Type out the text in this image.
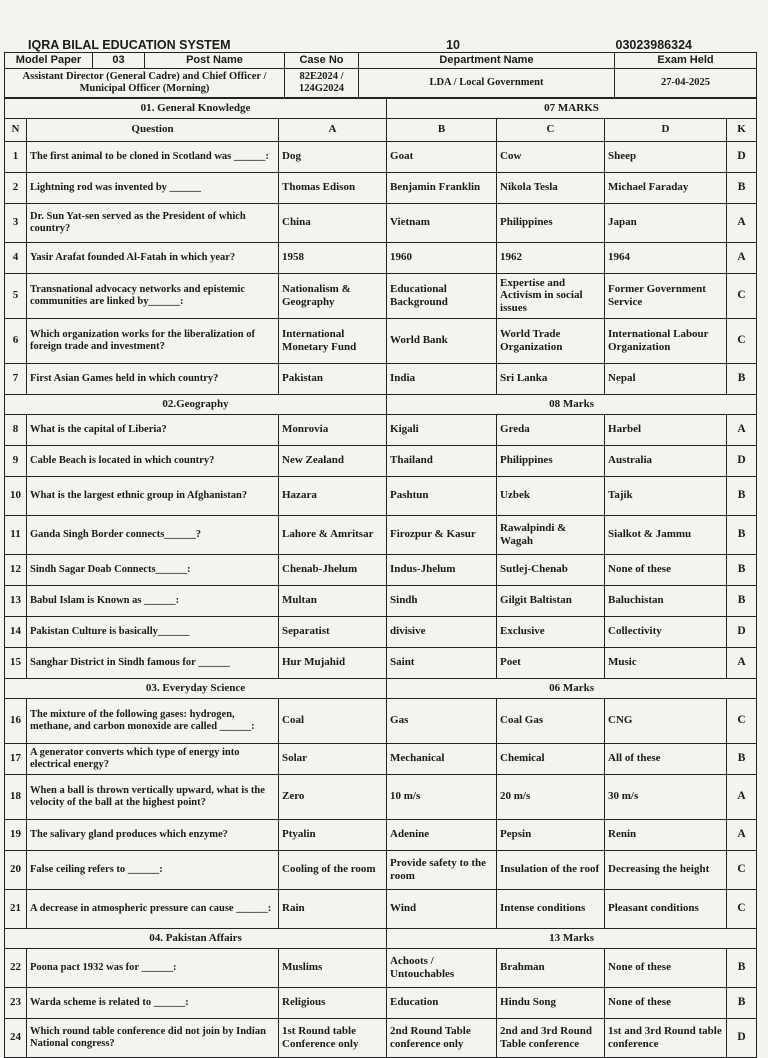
IQRA BILAL EDUCATION SYSTEM	10	03023986324
Model Paper	03	Post Name	Case No	Department Name	Exam Held
Assistant Director (General Cadre) and Chief Officer / Municipal Officer (Morning)			82E2024 / 124G2024	LDA / Local Government	27-04-2025
01. General Knowledge			07 MARKS			
N	Question	A	B	C	D	K
1	The first animal to be cloned in Scotland was ______:	Dog	Goat	Cow	Sheep	D
2	Lightning rod was invented by ______	Thomas Edison	Benjamin Franklin	Nikola Tesla	Michael Faraday	B
3	Dr. Sun Yat-sen served as the President of which country?	China	Vietnam	Philippines	Japan	A
4	Yasir Arafat founded Al-Fatah in which year?	1958	1960	1962	1964	A
5	Transnational advocacy networks and epistemic communities are linked by______:	Nationalism & Geography	Educational Background	Expertise and Activism in social issues	Former Government Service	C
6	Which organization works for the liberalization of foreign trade and investment?	International Monetary Fund	World Bank	World Trade Organization	International Labour Organization	C
7	First Asian Games held in which country?	Pakistan	India	Sri Lanka	Nepal	B
02.Geography			08 Marks			
8	What is the capital of Liberia?	Monrovia	Kigali	Greda	Harbel	A
9	Cable Beach is located in which country?	New Zealand	Thailand	Philippines	Australia	D
10	What is the largest ethnic group in Afghanistan?	Hazara	Pashtun	Uzbek	Tajik	B
11	Ganda Singh Border connects______?	Lahore & Amritsar	Firozpur & Kasur	Rawalpindi & Wagah	Sialkot & Jammu	B
12	Sindh Sagar Doab Connects______:	Chenab-Jhelum	Indus-Jhelum	Sutlej-Chenab	None of these	B
13	Babul Islam is Known as ______:	Multan	Sindh	Gilgit Baltistan	Baluchistan	B
14	Pakistan Culture is basically______	Separatist	divisive	Exclusive	Collectivity	D
15	Sanghar District in Sindh famous for ______	Hur Mujahid	Saint	Poet	Music	A
03. Everyday Science			06 Marks			
16	The mixture of the following gases: hydrogen, methane, and carbon monoxide are called ______:	Coal	Gas	Coal Gas	CNG	C
17	A generator converts which type of energy into electrical energy?	Solar	Mechanical	Chemical	All of these	B
18	When a ball is thrown vertically upward, what is the velocity of the ball at the highest point?	Zero	10 m/s	20 m/s	30 m/s	A
19	The salivary gland produces which enzyme?	Ptyalin	Adenine	Pepsin	Renin	A
20	False ceiling refers to ______:	Cooling of the room	Provide safety to the room	Insulation of the roof	Decreasing the height	C
21	A decrease in atmospheric pressure can cause ______:	Rain	Wind	Intense conditions	Pleasant conditions	C
04. Pakistan Affairs			13 Marks			
22	Poona pact 1932 was for ______:	Muslims	Achoots / Untouchables	Brahman	None of these	B
23	Warda scheme is related to ______:	Religious	Education	Hindu Song	None of these	B
24	Which round table conference did not join by Indian National congress?	1st Round table Conference only	2nd Round Table conference only	2nd and 3rd Round Table conference	1st and 3rd Round table conference	D
